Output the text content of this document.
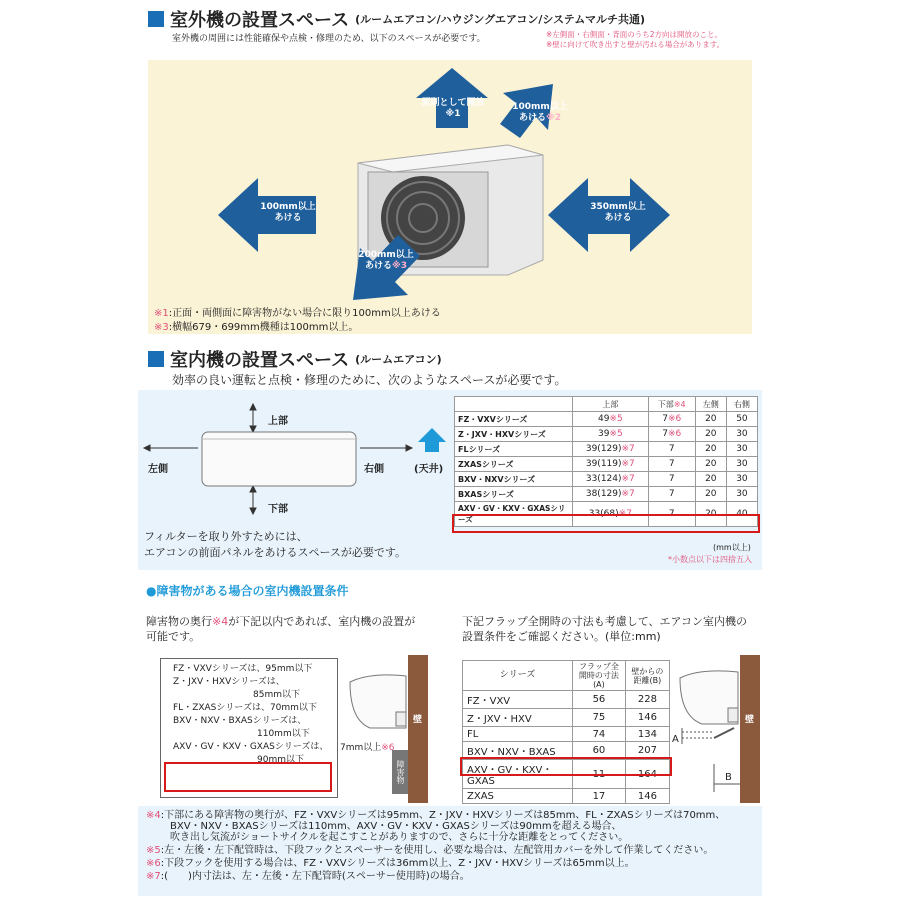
室外機の設置スペース (ルームエアコン/ハウジングエアコン/システムマルチ共通)
室外機の周囲には性能確保や点検・修理のため、以下のスペースが必要です。	※左側面・右側面・背面のうち2方向は開放のこと。
※壁に向けて吹き出すと壁が汚れる場合があります。
原則として開放※1
100mm以上あける※2
100mm以上あける
350mm以上あける
200mm以上あける※3
※1:正面・両側面に障害物がない場合に限り100mm以上あける
※3:横幅679・699mm機種は100mm以上。
室内機の設置スペース (ルームエアコン)
効率の良い運転と点検・修理のために、次のようなスペースが必要です。
上部
下部
左側	右側	(天井)
フィルターを取り外すためには、
エアコンの前面パネルをあけるスペースが必要です。	(mm以上)
*小数点以下は四捨五入
	上部	下部※4	左側	右側
FZ・VXVシリーズ	49※5	7※6	20	50
Z・JXV・HXVシリーズ	39※5	7※6	20	30
FLシリーズ	39(129)※7	7	20	30
ZXASシリーズ	39(119)※7	7	20	30
BXV・NXVシリーズ	33(124)※7	7	20	30
BXASシリーズ	38(129)※7	7	20	30
AXV・GV・KXV・GXASシリーズ	33(68)※7	7	20	40
●障害物がある場合の室内機設置条件
障害物の奥行※4が下記以内であれば、室内機の設置が
可能です。
下記フラップ全開時の寸法も考慮して、エアコン室内機の
設置条件をご確認ください。(単位:mm)
FZ・VXVシリーズは、95mm以下
Z・JXV・HXVシリーズは、
85mm以下
FL・ZXASシリーズは、70mm以下
BXV・NXV・BXASシリーズは、
110mm以下
AXV・GV・KXV・GXASシリーズは、
90mm以下
壁
障害物
7mm以上※6
シリーズ	フラップ全開時の寸法(A)	壁からの距離(B)
FZ・VXV	56	228
Z・JXV・HXV	75	146
FL	74	134
BXV・NXV・BXAS	60	207
AXV・GV・KXV・GXAS	11	164
ZXAS	17	146
壁
A
B
※4:下部にある障害物の奥行が、FZ・VXVシリーズは95mm、Z・JXV・HXVシリーズは85mm、FL・ZXASシリーズは70mm、
BXV・NXV・BXASシリーズは110mm、AXV・GV・KXV・GXASシリーズは90mmを超える場合、
吹き出し気流がショートサイクルを起こすことがありますので、さらに十分な距離をとってください。
※5:左・左後・左下配管時は、下段フックとスペーサーを使用し、必要な場合は、左配管用カバーを外して作業してください。
※6:下段フックを使用する場合は、FZ・VXVシリーズは36mm以上、Z・JXV・HXVシリーズは65mm以上。
※7:(　　)内寸法は、左・左後・左下配管時(スペーサー使用時)の場合。
